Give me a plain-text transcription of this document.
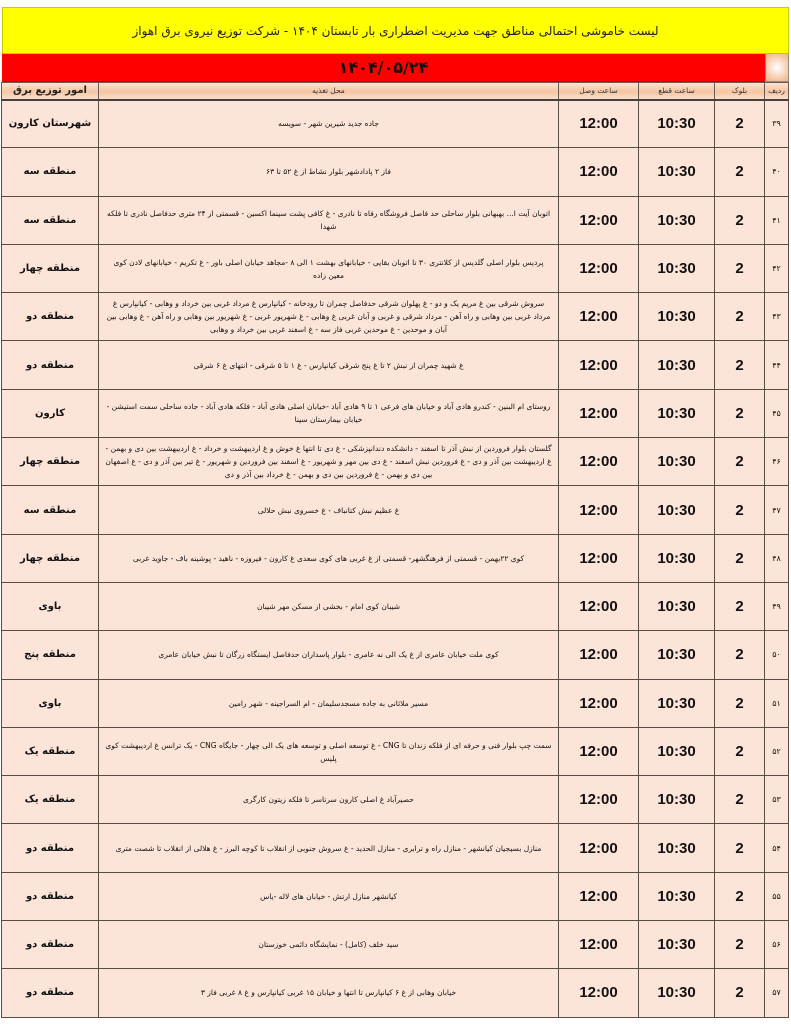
لیست خاموشی احتمالی مناطق جهت مدیریت اضطراری بار تابستان ۱۴۰۴ - شرکت توزیع نیروی برق اهواز
۱۴۰۴/۰۵/۲۴
ردیف	بلوک	ساعت قطع	ساعت وصل	محل تغذیه	امور توزیع برق
۳۹	2	10:30	12:00	جاده جدید شیرین شهر - سویسه	شهرستان کارون
۴۰	2	10:30	12:00	فاز ۲ پادادشهر بلوار نشاط از غ ۵۲ تا ۶۳	منطقه سه
۴۱	2	10:30	12:00	اتوبان آیت ا... بهبهانی بلوار ساحلی حد فاصل فروشگاه رفاه تا نادری - غ کافی پشت سینما اکسین - قسمتی از ۲۴ متری حدفاصل نادری تا فلکه شهدا	منطقه سه
۴۲	2	10:30	12:00	پردیس بلوار اصلی گلدیس از کلانتری ۳۰ تا اتوبان بقایی - خیابانهای بهشت ۱ الی ۸ -مجاهد خیابان اصلی باور - غ تکریم - خیابانهای لادن کوی معین زاده	منطقه چهار
۴۳	2	10:30	12:00	سروش شرقی بین غ مریم یک و دو - غ پهلوان شرقی حدفاصل چمران تا رودخانه - کیانپارس غ مرداد غربی بین خرداد و وهابی - کیانپارس غ مرداد غربی بین وهابی و راه آهن - مرداد شرقی و غربی و آبان غربی غ وهابی - غ شهریور غربی - غ شهریور بین وهابی و راه آهن - غ وهابی بین آبان و موحدین - غ موحدین غربی فاز سه - غ اسفند غربی بین خرداد و وهابی	منطقه دو
۴۴	2	10:30	12:00	غ شهید چمران از نبش ۲ تا غ پنج شرقی کیانپارس - غ ۱ تا ۵ شرقی - انتهای غ ۶ شرقی	منطقه دو
۴۵	2	10:30	12:00	روستای ام البنین - کندرو هادی آباد و خیابان های فرعی ۱ تا ۹ هادی آباد -خیابان اصلی هادی آباد - فلکه هادی آباد - جاده ساحلی سمت استیشن - خیابان بیمارستان سینا	کارون
۴۶	2	10:30	12:00	گلستان بلوار فروردین از نبش آذر تا اسفند - دانشکده دندانپزشکی - غ دی تا انتها غ خوش و غ اردیبهشت و خرداد - غ اردیبهشت بین دی و بهمن - غ اردیبهشت بین آذر و دی - غ فروردین نبش اسفند - غ دی بین مهر و شهریور - غ اسفند بین فروردین و شهریور - غ تیر بین آذر و دی - غ اصفهان بین دی و بهمن - غ فروردین بین دی و بهمن - غ خرداد بین آذر و دی	منطقه چهار
۴۷	2	10:30	12:00	غ عظیم نبش کتانباف - غ خسروی نبش حلالی	منطقه سه
۴۸	2	10:30	12:00	کوی ۲۲بهمن - قسمتی از فرهنگشهر- قسمتی از غ غربی های کوی سعدی غ کارون - فیروزه - ناهید - پوشینه باف - جاوید غربی	منطقه چهار
۴۹	2	10:30	12:00	شیبان کوی امام - بخشی از مسکن مهر شیبان	باوی
۵۰	2	10:30	12:00	کوی ملت خیابان عامری از غ یک الی نه عامری - بلوار پاسداران حدفاصل ایستگاه زرگان تا نبش خیابان عامری	منطقه پنج
۵۱	2	10:30	12:00	مسیر ملاثانی به جاده مسجدسلیمان - ام السراجینه - شهر رامین	باوی
۵۲	2	10:30	12:00	سمت چپ بلوار فنی و حرفه ای از فلکه زندان تا CNG - غ توسعه اصلی و توسعه های یک الی چهار - جایگاه CNG - یک ترانس غ اردیبهشت کوی پلیس	منطقه یک
۵۳	2	10:30	12:00	حصیرآباد غ اصلی کارون سرتاسر تا فلکه زیتون کارگری	منطقه یک
۵۴	2	10:30	12:00	منازل بسیجیان کیانشهر - منازل راه و ترابری - منازل الحدید - غ سروش جنوبی از انقلاب تا کوچه البرز - غ هلالی از انقلاب تا شصت متری	منطقه دو
۵۵	2	10:30	12:00	کیانشهر منازل ارتش - خیابان های لاله -یاس	منطقه دو
۵۶	2	10:30	12:00	سید خلف (کامل) - نمایشگاه دائمی خوزستان	منطقه دو
۵۷	2	10:30	12:00	خیابان وهابی از غ ۶ کیانپارس تا انتها و خیابان ۱۵ غربی کیانپارس و غ ۸ غربی فاز ۳	منطقه دو
